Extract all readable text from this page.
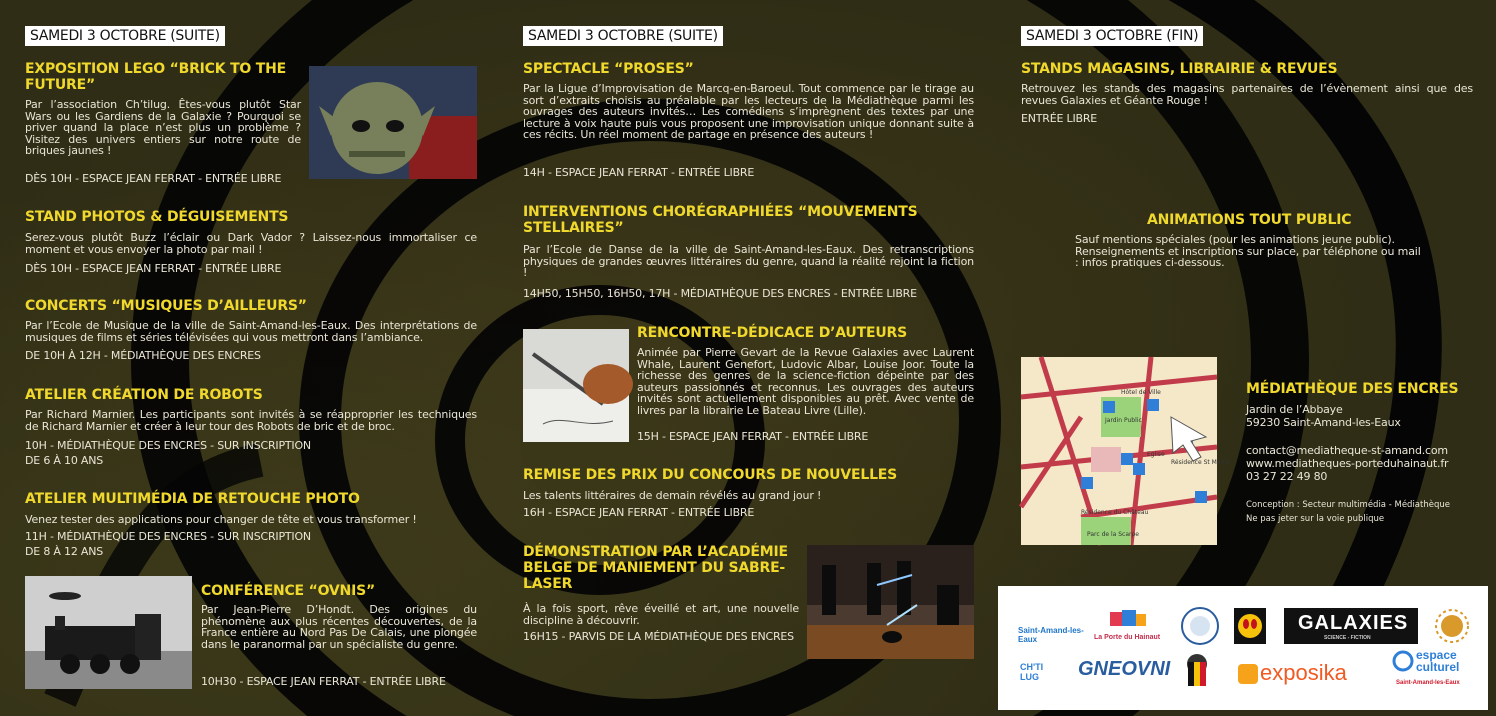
SAMEDI 3 OCTOBRE (SUITE)
EXPOSITION LEGO “BRICK TO THE FUTURE”
Par l’association Ch’tilug. Êtes-vous plutôt Star Wars ou les Gardiens de la Galaxie ? Pourquoi se priver quand la place n’est plus un problème ? Visitez des univers entiers sur notre route de briques jaunes !
DÈS 10H - ESPACE JEAN FERRAT - ENTRÉE LIBRE
STAND PHOTOS & DÉGUISEMENTS
Serez-vous plutôt Buzz l’éclair ou Dark Vador ? Laissez-nous immortaliser ce moment et vous envoyer la photo par mail !
DÈS 10H - ESPACE JEAN FERRAT - ENTRÉE LIBRE
CONCERTS “MUSIQUES D’AILLEURS”
Par l’Ecole de Musique de la ville de Saint-Amand-les-Eaux. Des interprétations de musiques de films et séries télévisées qui vous mettront dans l’ambiance.
DE 10H À 12H - MÉDIATHÈQUE DES ENCRES
ATELIER CRÉATION DE ROBOTS
Par Richard Marnier. Les participants sont invités à se réapproprier les techniques de Richard Marnier et créer à leur tour des Robots de bric et de broc.
10H - MÉDIATHÈQUE DES ENCRES - SUR INSCRIPTION
DE 6 À 10 ANS
ATELIER MULTIMÉDIA DE RETOUCHE PHOTO
Venez tester des applications pour changer de tête et vous transformer !
11H - MÉDIATHÈQUE DES ENCRES - SUR INSCRIPTION
DE 8 À 12 ANS
CONFÉRENCE “OVNIS”
Par Jean-Pierre D’Hondt. Des origines du phénomène aux plus récentes découvertes, de la France entière au Nord Pas De Calais, une plongée dans le paranormal par un spécialiste du genre.
10H30 - ESPACE JEAN FERRAT - ENTRÉE LIBRE
SAMEDI 3 OCTOBRE (SUITE)
SPECTACLE “PROSES”
Par la Ligue d’Improvisation de Marcq-en-Baroeul. Tout commence par le tirage au sort d’extraits choisis au préalable par les lecteurs de la Médiathèque parmi les ouvrages des auteurs invités… Les comédiens s’imprègnent des textes par une lecture à voix haute puis vous proposent une improvisation unique donnant suite à ces récits. Un réel moment de partage en présence des auteurs !
14H - ESPACE JEAN FERRAT - ENTRÉE LIBRE
INTERVENTIONS CHORÉGRAPHIÉES “MOUVEMENTS STELLAIRES”
Par l’Ecole de Danse de la ville de Saint-Amand-les-Eaux. Des retranscriptions physiques de grandes œuvres littéraires du genre, quand la réalité rejoint la fiction !
14H50, 15H50, 16H50, 17H - MÉDIATHÈQUE DES ENCRES - ENTRÉE LIBRE
RENCONTRE-DÉDICACE D’AUTEURS
Animée par Pierre Gevart de la Revue Galaxies avec Laurent Whale, Laurent Genefort, Ludovic Albar, Louise Joor. Toute la richesse des genres de la science-fiction dépeinte par des auteurs passionnés et reconnus. Les ouvrages des auteurs invités sont actuellement disponibles au prêt. Avec vente de livres par la librairie Le Bateau Livre (Lille).
15H - ESPACE JEAN FERRAT - ENTRÉE LIBRE
REMISE DES PRIX DU CONCOURS DE NOUVELLES
Les talents littéraires de demain révélés au grand jour !
16H - ESPACE JEAN FERRAT - ENTRÉE LIBRE
DÉMONSTRATION PAR L’ACADÉMIE BELGE DE MANIEMENT DU SABRE-LASER
À la fois sport, rêve éveillé et art, une nouvelle discipline à découvrir.
16H15 - PARVIS DE LA MÉDIATHÈQUE DES ENCRES
SAMEDI 3 OCTOBRE (FIN)
STANDS MAGASINS, LIBRAIRIE & REVUES
Retrouvez les stands des magasins partenaires de l’évènement ainsi que des revues Galaxies et Géante Rouge !
ENTRÉE LIBRE
ANIMATIONS TOUT PUBLIC
Sauf mentions spéciales (pour les animations jeune public). Renseignements et inscriptions sur place, par téléphone ou mail : infos pratiques ci-dessous.
Résidence St Martin
Résidence du Château
Parc de la Scarpe
Eglise
Jardin Public
Hôtel de Ville	MÉDIATHÈQUE DES ENCRES
Jardin de l’Abbaye
59230 Saint-Amand-les-Eaux
contact@mediatheque-st-amand.com
www.mediatheques-porteduhainaut.fr
03 27 22 49 80
Conception : Secteur multimédia - Médiathèque
Ne pas jeter sur la voie publique
Saint-Amand-les-Eaux	La Porte du Hainaut
GALAXIES
SCIENCE - FICTION
CH'TI LUG	GNEOVNI	exposika
espace
culturel
Saint-Amand-les-Eaux
